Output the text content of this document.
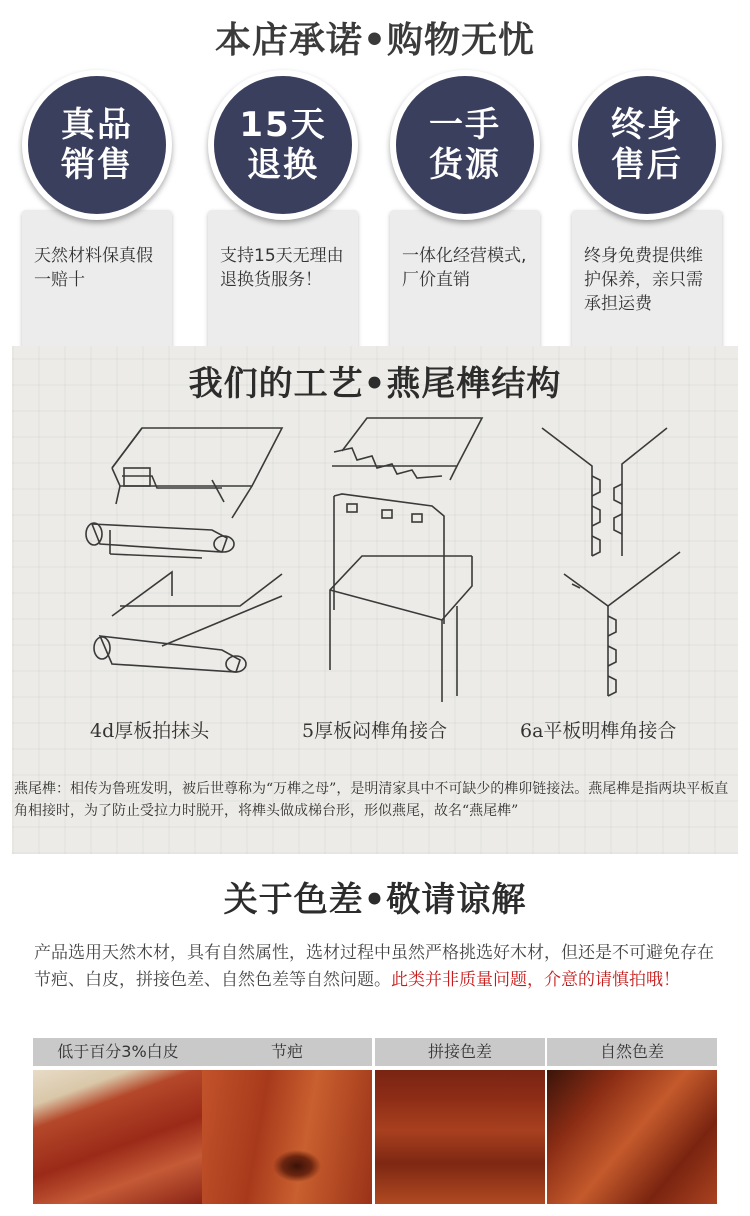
本店承诺•购物无忧
真品
销售
天然材料保真假一赔十
15天
退换
支持15天无理由退换货服务！
一手
货源
一体化经营模式,厂价直销
终身
售后
终身免费提供维护保养，亲只需承担运费
我们的工艺•燕尾榫结构
4d厚板拍抹头	5厚板闷榫角接合	6a平板明榫角接合
燕尾榫：相传为鲁班发明，被后世尊称为“万榫之母”，是明清家具中不可缺少的榫卯链接法。燕尾榫是指两块平板直角相接时，为了防止受拉力时脱开，将榫头做成梯台形，形似燕尾，故名“燕尾榫”
关于色差•敬请谅解
产品选用天然木材，具有自然属性，选材过程中虽然严格挑选好木材，但还是不可避免存在节疤、白皮，拼接色差、自然色差等自然问题。此类并非质量问题，介意的请慎拍哦！
低于百分3%白皮	节疤	拼接色差	自然色差
